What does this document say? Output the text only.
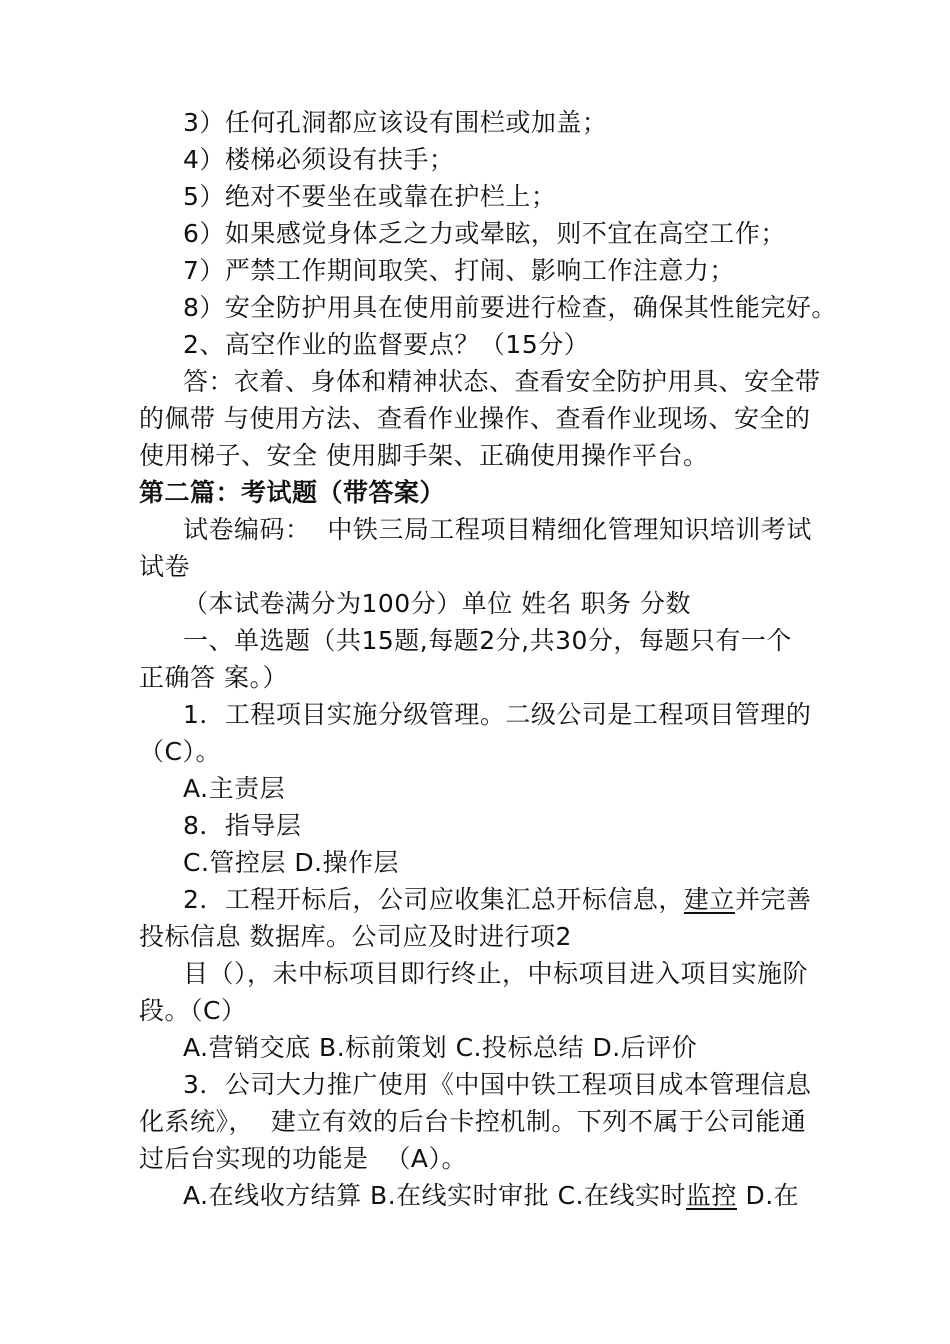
3）任何孔洞都应该设有围栏或加盖；
4）楼梯必须设有扶手；
5）绝对不要坐在或靠在护栏上；
6）如果感觉身体乏之力或晕眩，则不宜在高空工作；
7）严禁工作期间取笑、打闹、影响工作注意力；
8）安全防护用具在使用前要进行检查，确保其性能完好。
2、高空作业的监督要点？（15分）
答：衣着、身体和精神状态、查看安全防护用具、安全带
的佩带 与使用方法、查看作业操作、查看作业现场、安全的
使用梯子、安全 使用脚手架、正确使用操作平台。
第二篇：考试题（带答案）
试卷编码：  中铁三局工程项目精细化管理知识培训考试
试卷
（本试卷满分为100分）单位 姓名 职务 分数
一、单选题（共15题,每题2分,共30分，每题只有一个
正确答 案。）
1．工程项目实施分级管理。二级公司是工程项目管理的
（C）。
A.主责层
8．指导层
C.管控层 D.操作层
2．工程开标后，公司应收集汇总开标信息，建立并完善
投标信息 数据库。公司应及时进行项2
目（），未中标项目即行终止，中标项目进入项目实施阶
段。（C）
A.营销交底 B.标前策划 C.投标总结 D.后评价
3．公司大力推广使用《中国中铁工程项目成本管理信息
化系统》，  建立有效的后台卡控机制。下列不属于公司能通
过后台实现的功能是  （A）。
A.在线收方结算 B.在线实时审批 C.在线实时监控 D.在
